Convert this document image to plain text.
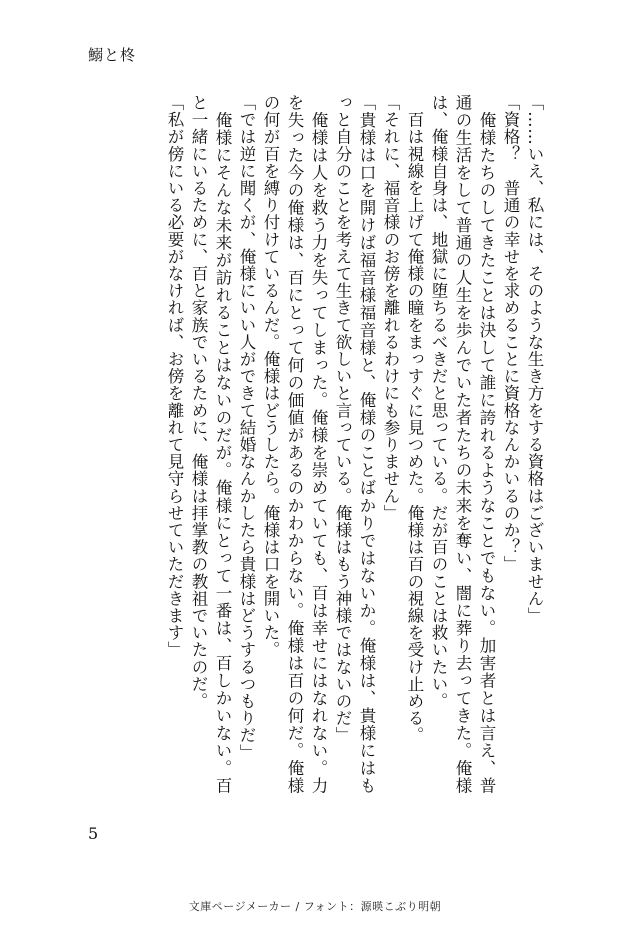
鰯と柊

「……いえ、私には、そのような生き方をする資格はございません」

「資格？　普通の幸せを求めることに資格なんかいるのか？」

　俺様たちのしてきたことは決して誰に誇れるようなことでもない。加害者とは言え、普通の生活をして普通の人生を歩んでいた者たちの未来を奪い、闇に葬り去ってきた。俺様は、俺様自身は、地獄に堕ちるべきだと思っている。だが百のことは救いたい。

　百は視線を上げて俺様の瞳をまっすぐに見つめた。俺様は百の視線を受け止める。

「それに、福音様のお傍を離れるわけにも参りません」

「貴様は口を開けば福音様福音様と、俺様のことばかりではないか。俺様は、貴様にはもっと自分のことを考えて生きて欲しいと言っている。俺様はもう神様ではないのだ」

　俺様は人を救う力を失ってしまった。俺様を崇めていても、百は幸せにはなれない。力を失った今の俺様は、百にとって何の価値があるのかわからない。俺様は百の何だ。俺様の何が百を縛り付けているんだ。俺様はどうしたら。俺様は口を開いた。

「では逆に聞くが、俺様にいい人ができて結婚なんかしたら貴様はどうするつもりだ」

　俺様にそんな未来が訪れることはないのだが。俺様にとって一番は、百しかいない。百と一緒にいるために、百と家族でいるために、俺様は拝掌教の教祖でいたのだ。

「私が傍にいる必要がなければ、お傍を離れて見守らせていただきます」

5
文庫ページメーカー / フォント：源暎こぶり明朝
